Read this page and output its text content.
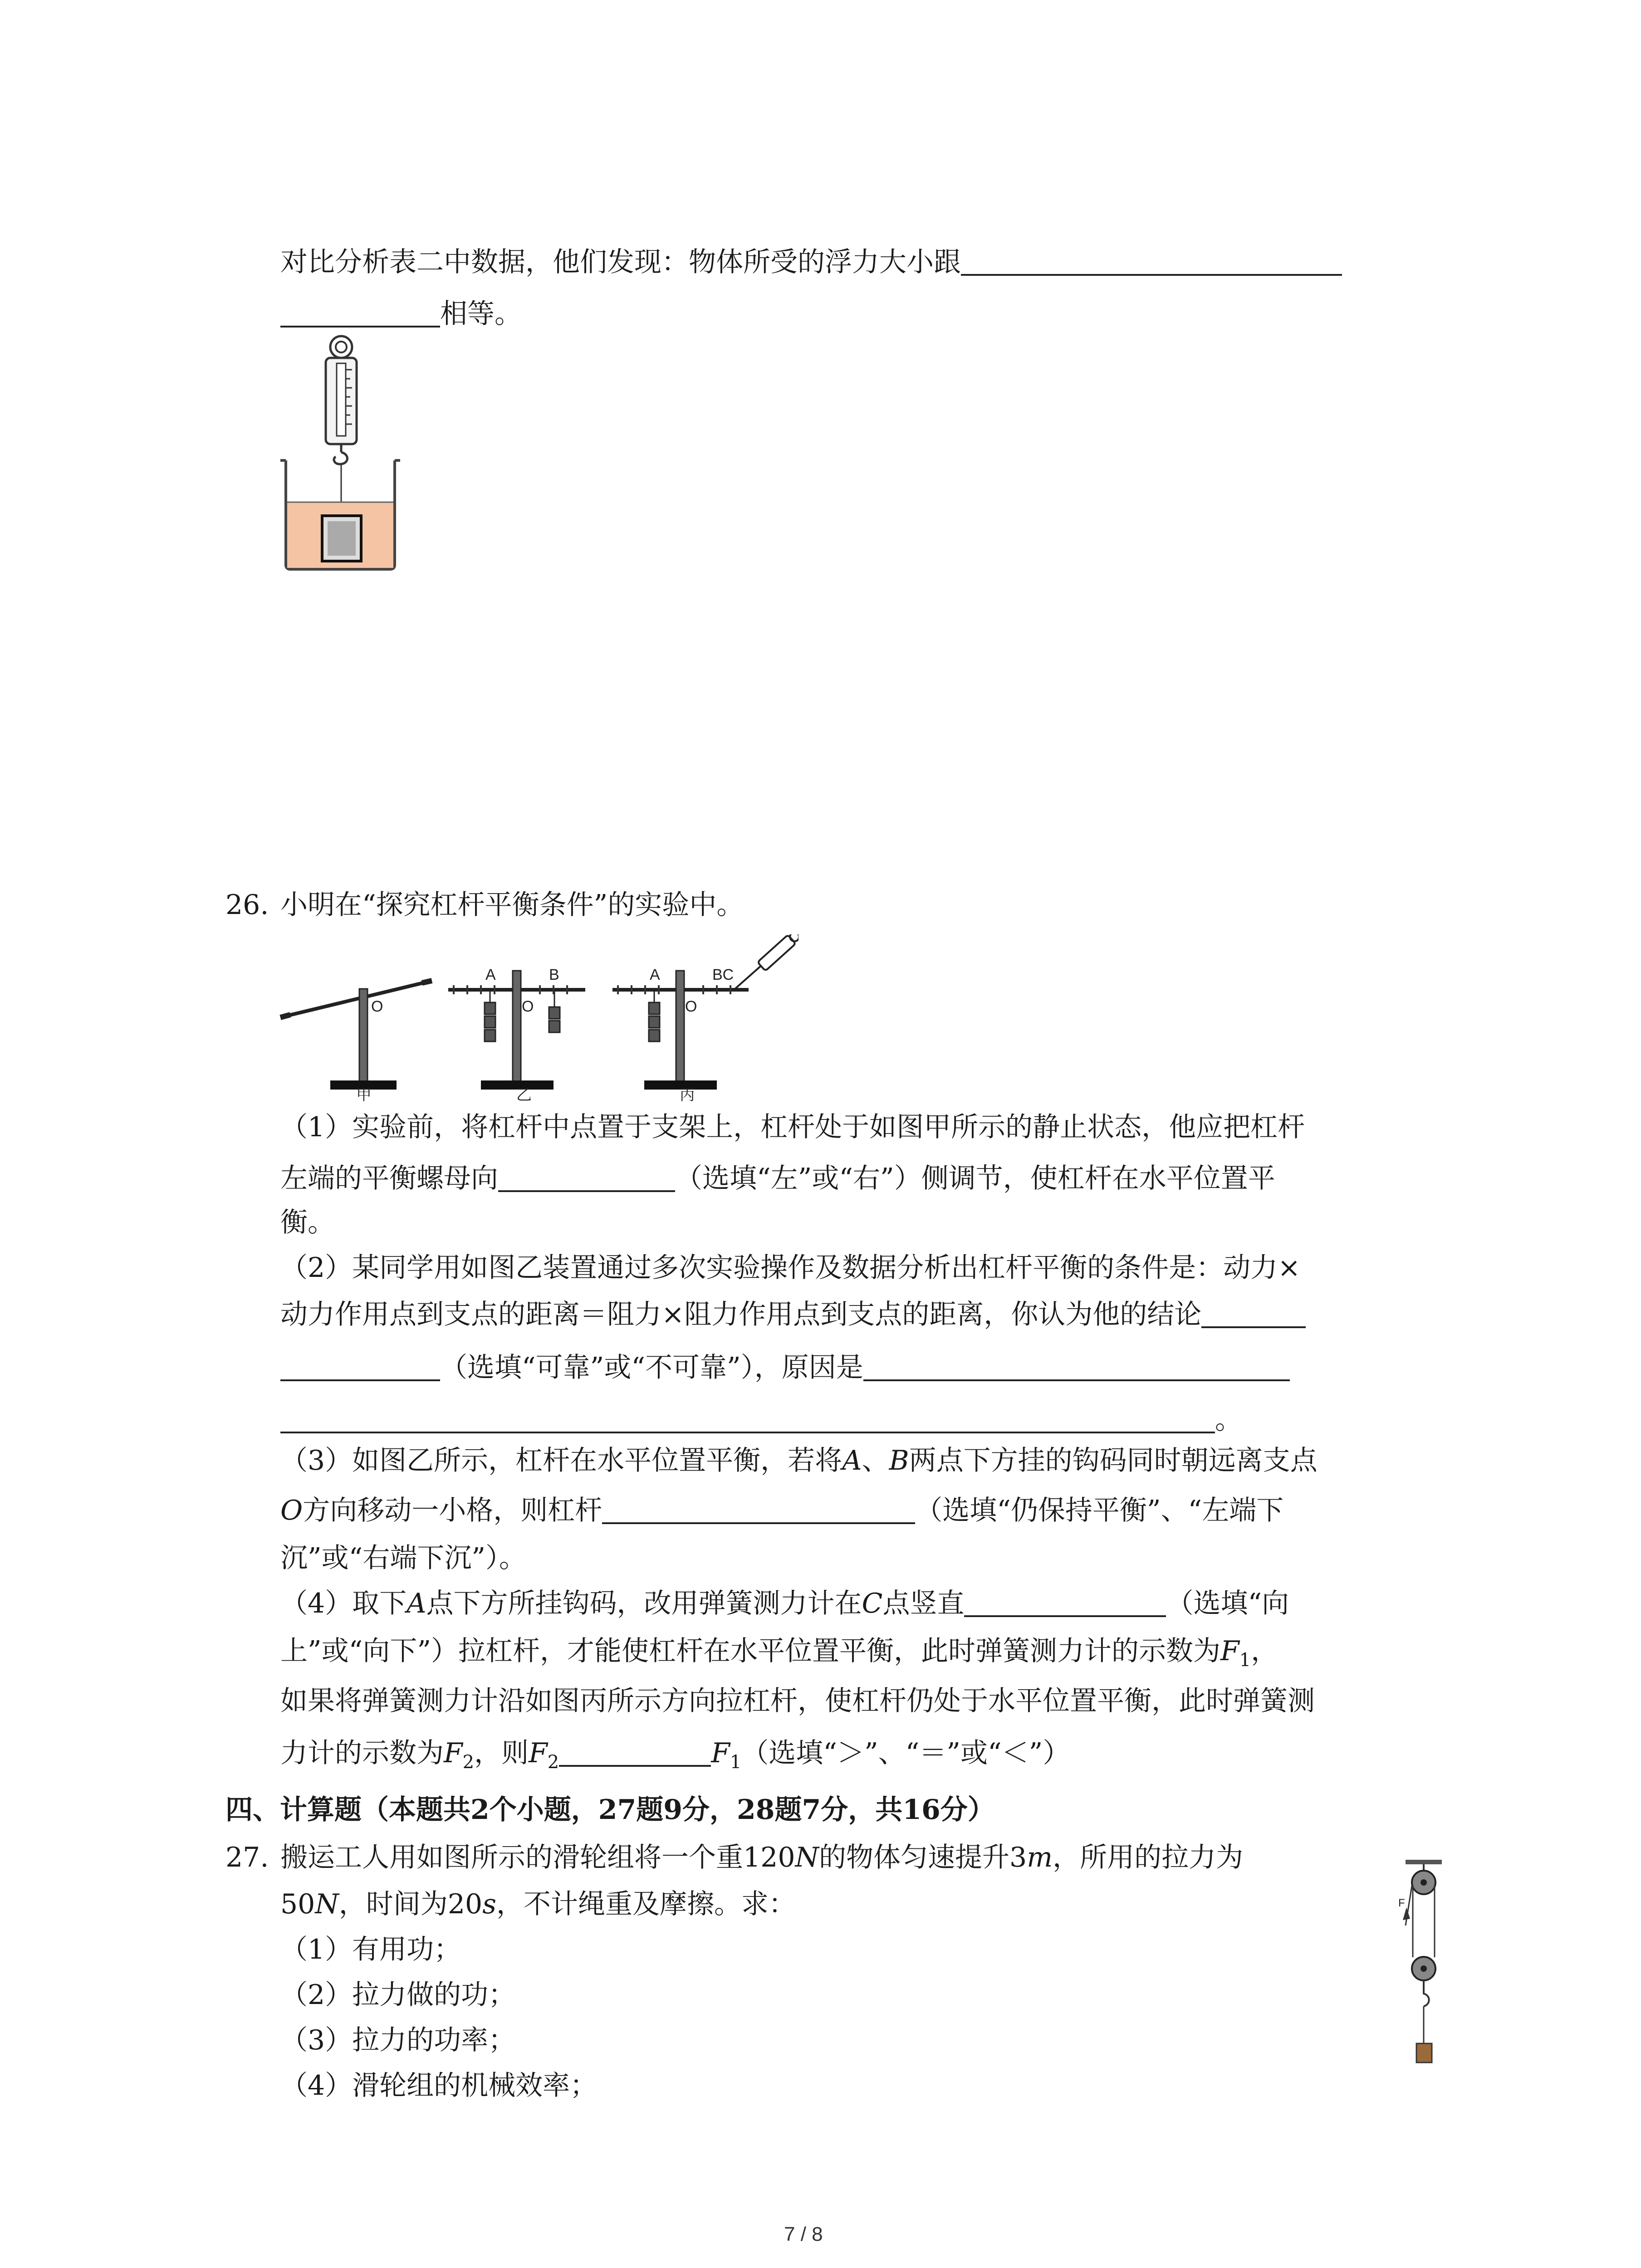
对比分析表二中数据，他们发现：物体所受的浮力大小跟
相等。
26. 小明在“探究杠杆平衡条件”的实验中。
O
甲
A	B
O
乙
A	BC
O
丙
（1）实验前，将杠杆中点置于支架上，杠杆处于如图甲所示的静止状态，他应把杠杆
左端的平衡螺母向	（选填“左”或“右”）侧调节，使杠杆在水平位置平
衡。
（2）某同学用如图乙装置通过多次实验操作及数据分析出杠杆平衡的条件是：动力×
动力作用点到支点的距离＝阻力×阻力作用点到支点的距离，你认为他的结论
（选填“可靠”或“不可靠”），原因是
。
（3）如图乙所示，杠杆在水平位置平衡，若将A、B两点下方挂的钩码同时朝远离支点
O方向移动一小格，则杠杆	（选填“仍保持平衡”、“左端下
沉”或“右端下沉”）。
（4）取下A点下方所挂钩码，改用弹簧测力计在C点竖直	（选填“向
上”或“向下”）拉杠杆，才能使杠杆在水平位置平衡，此时弹簧测力计的示数为$F_1$，
如果将弹簧测力计沿如图丙所示方向拉杠杆，使杠杆仍处于水平位置平衡，此时弹簧测
力计的示数为$F_2$，则$F_2$	$F_1$（选填“＞”、“＝”或“＜”）
四、计算题（本题共2个小题，27题9分，28题7分，共16分）
27. 搬运工人用如图所示的滑轮组将一个重120N的物体匀速提升3m，所用的拉力为
50N，时间为20s，不计绳重及摩擦。求：
（1）有用功；
（2）拉力做的功；
（3）拉力的功率；
（4）滑轮组的机械效率；
F
7 / 8
